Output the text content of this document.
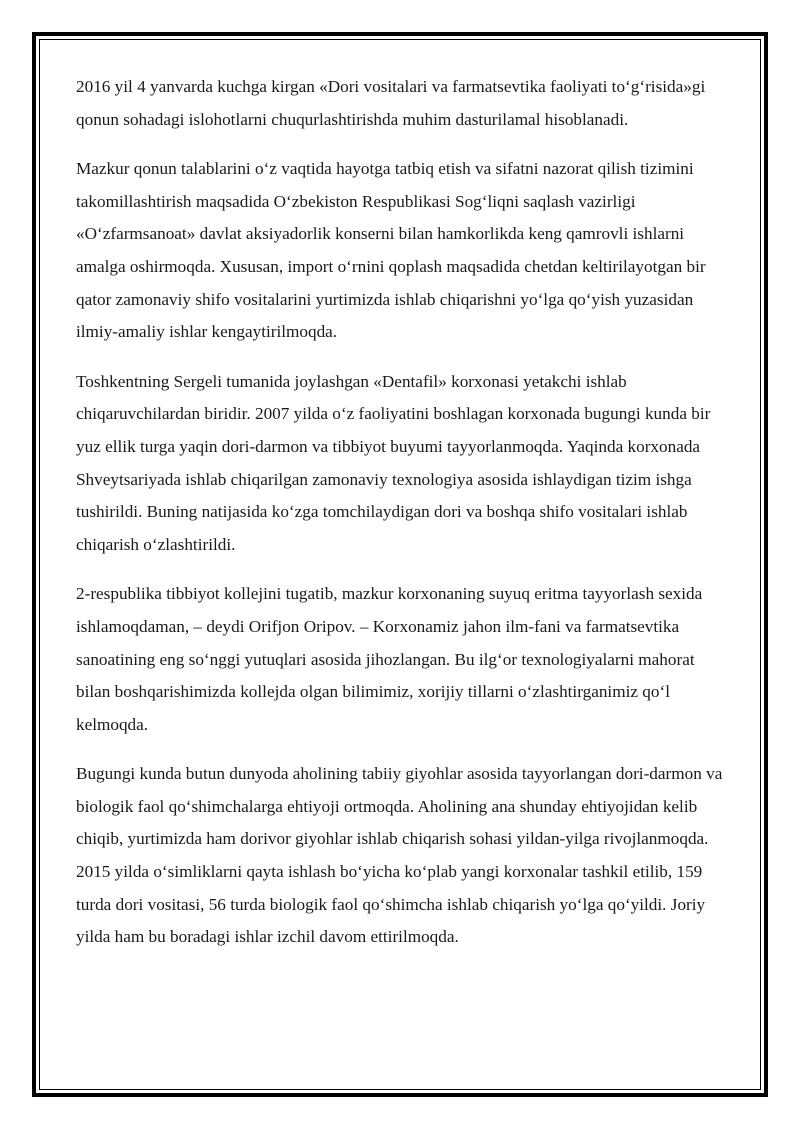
2016 yil 4 yanvarda kuchga kirgan «Dori vositalari va farmatsevtika faoliyati to‘g‘risida»gi qonun sohadagi islohotlarni chuqurlashtirishda muhim dasturilamal hisoblanadi.

Mazkur qonun talablarini o‘z vaqtida hayotga tatbiq etish va sifatni nazorat qilish tizimini takomillashtirish maqsadida O‘zbekiston Respublikasi Sog‘liqni saqlash vazirligi «O‘zfarmsanoat» davlat aksiyadorlik konserni bilan hamkorlikda keng qamrovli ishlarni amalga oshirmoqda. Xususan, import o‘rnini qoplash maqsadida chetdan keltirilayotgan bir qator zamonaviy shifo vositalarini yurtimizda ishlab chiqarishni yo‘lga qo‘yish yuzasidan ilmiy-amaliy ishlar kengaytirilmoqda.

Toshkentning Sergeli tumanida joylashgan «Dentafil» korxonasi yetakchi ishlab chiqaruvchilardan biridir. 2007 yilda o‘z faoliyatini boshlagan korxonada bugungi kunda bir yuz ellik turga yaqin dori-darmon va tibbiyot buyumi tayyorlanmoqda. Yaqinda korxonada Shveytsariyada ishlab chiqarilgan zamonaviy texnologiya asosida ishlaydigan tizim ishga tushirildi. Buning natijasida ko‘zga tomchilaydigan dori va boshqa shifo vositalari ishlab chiqarish o‘zlashtirildi.

2-respublika tibbiyot kollejini tugatib, mazkur korxonaning suyuq eritma tayyorlash sexida ishlamoqdaman, – deydi Orifjon Oripov. – Korxonamiz jahon ilm-fani va farmatsevtika sanoatining eng so‘nggi yutuqlari asosida jihozlangan. Bu ilg‘or texnologiyalarni mahorat bilan boshqarishimizda kollejda olgan bilimimiz, xorijiy tillarni o‘zlashtirganimiz qo‘l kelmoqda.

Bugungi kunda butun dunyoda aholining tabiiy giyohlar asosida tayyorlangan dori-darmon va biologik faol qo‘shimchalarga ehtiyoji ortmoqda. Aholining ana shunday ehtiyojidan kelib chiqib, yurtimizda ham dorivor giyohlar ishlab chiqarish sohasi yildan-yilga rivojlanmoqda. 2015 yilda o‘simliklarni qayta ishlash bo‘yicha ko‘plab yangi korxonalar tashkil etilib, 159 turda dori vositasi, 56 turda biologik faol qo‘shimcha ishlab chiqarish yo‘lga qo‘yildi. Joriy yilda ham bu boradagi ishlar izchil davom ettirilmoqda.
